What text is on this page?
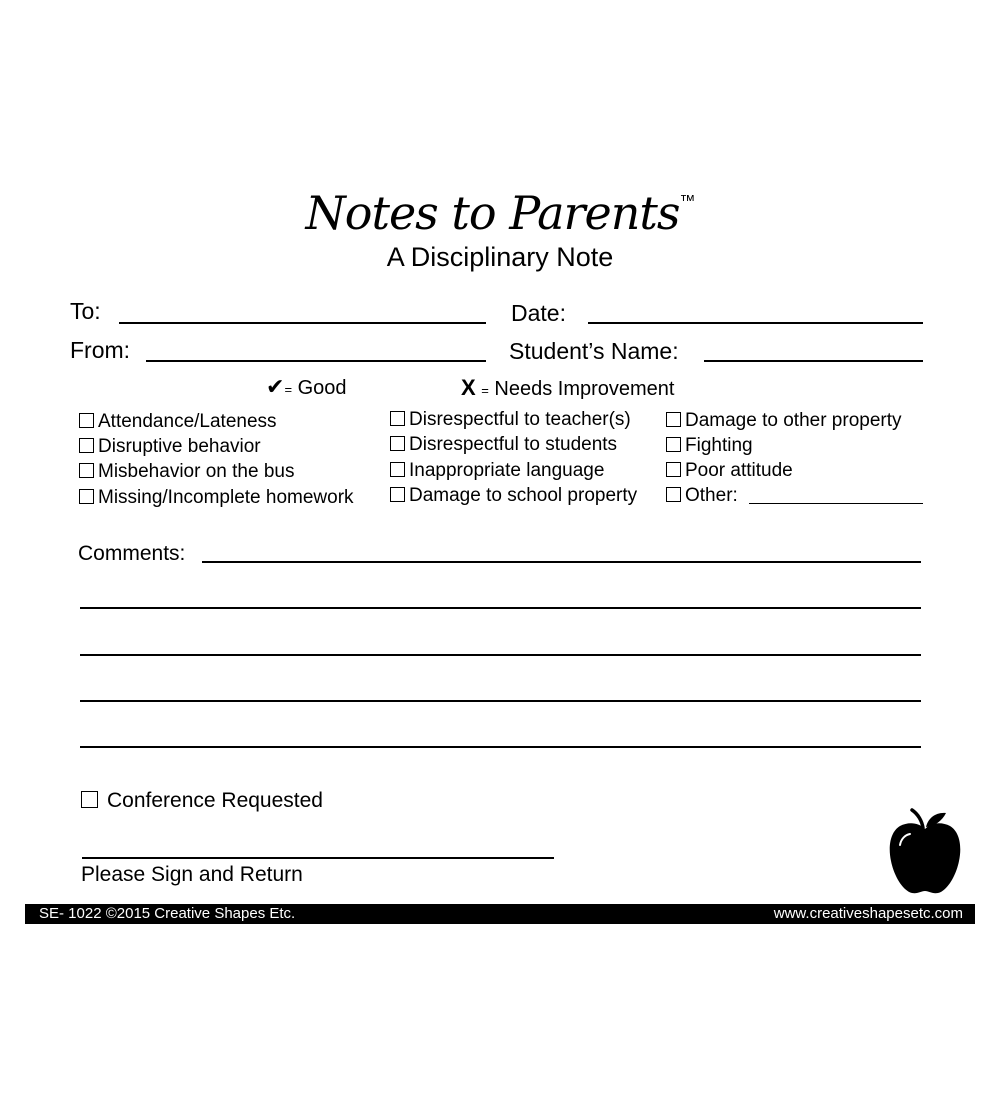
Notes to Parents™
A Disciplinary Note
To:	Date:
From:	Student’s Name:
✔= Good	X = Needs Improvement
Attendance/Lateness
Disruptive behavior
Misbehavior on the bus
Missing/Incomplete homework
Disrespectful to teacher(s)
Disrespectful to students
Inappropriate language
Damage to school property
Damage to other property
Fighting
Poor attitude
Other:
Comments:
Conference Requested
Please Sign and Return
SE- 1022 ©2015 Creative Shapes Etc.	www.creativeshapesetc.com
